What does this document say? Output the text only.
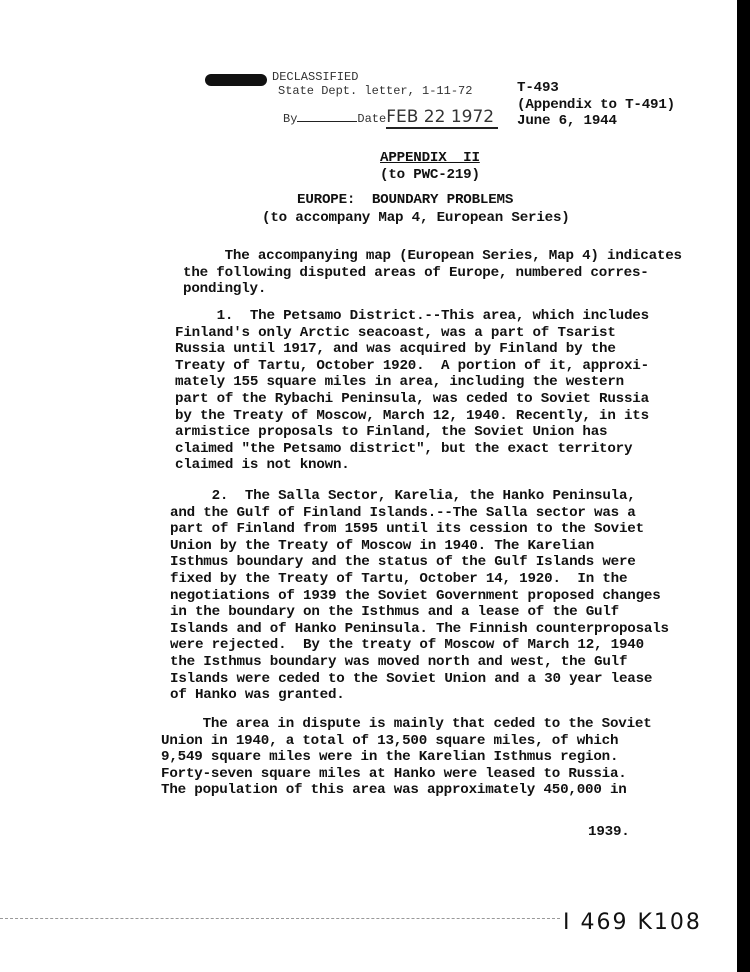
DECLASSIFIED
State Dept. letter, 1-11-72
By	DateFEB 22 1972
T-493
(Appendix to T-491)
June 6, 1944
APPENDIX  II
(to PWC-219)
EUROPE:  BOUNDARY PROBLEMS
(to accompany Map 4, European Series)
The accompanying map (European Series, Map 4) indicates
the following disputed areas of Europe, numbered corres-
pondingly.
1.  The Petsamo District.--This area, which includes
Finland's only Arctic seacoast, was a part of Tsarist
Russia until 1917, and was acquired by Finland by the
Treaty of Tartu, October 1920.  A portion of it, approxi-
mately 155 square miles in area, including the western
part of the Rybachi Peninsula, was ceded to Soviet Russia
by the Treaty of Moscow, March 12, 1940. Recently, in its
armistice proposals to Finland, the Soviet Union has
claimed "the Petsamo district", but the exact territory
claimed is not known.
2.  The Salla Sector, Karelia, the Hanko Peninsula,
and the Gulf of Finland Islands.--The Salla sector was a
part of Finland from 1595 until its cession to the Soviet
Union by the Treaty of Moscow in 1940. The Karelian
Isthmus boundary and the status of the Gulf Islands were
fixed by the Treaty of Tartu, October 14, 1920.  In the
negotiations of 1939 the Soviet Government proposed changes
in the boundary on the Isthmus and a lease of the Gulf
Islands and of Hanko Peninsula. The Finnish counterproposals
were rejected.  By the treaty of Moscow of March 12, 1940
the Isthmus boundary was moved north and west, the Gulf
Islands were ceded to the Soviet Union and a 30 year lease
of Hanko was granted.
The area in dispute is mainly that ceded to the Soviet
Union in 1940, a total of 13,500 square miles, of which
9,549 square miles were in the Karelian Isthmus region.
Forty-seven square miles at Hanko were leased to Russia.
The population of this area was approximately 450,000 in
1939.
I 469 K108
